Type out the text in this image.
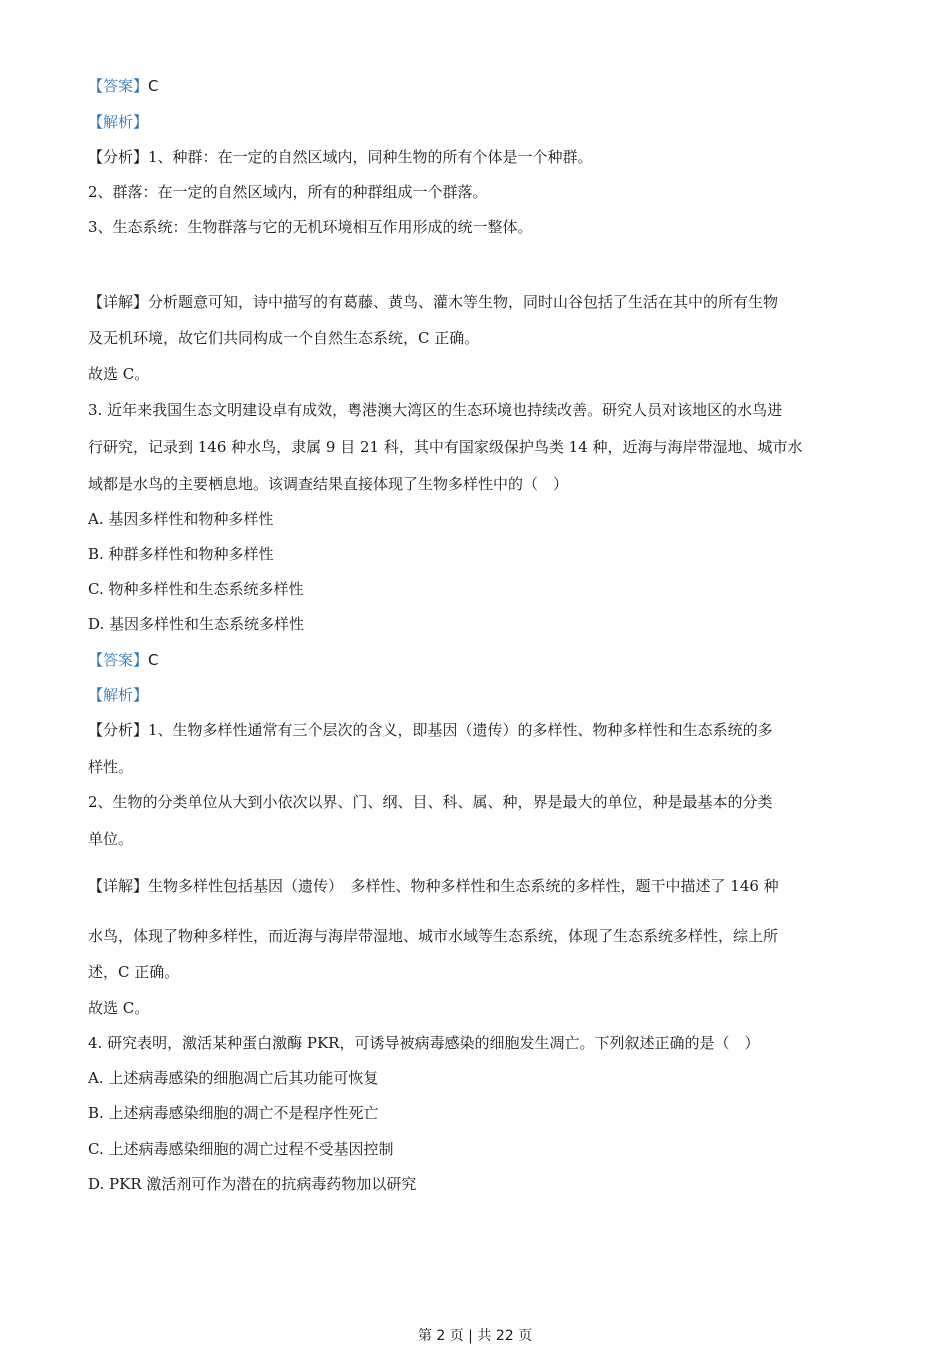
【答案】C
【解析】
【分析】1、种群：在一定的自然区域内，同种生物的所有个体是一个种群。
2、群落：在一定的自然区域内，所有的种群组成一个群落。
3、生态系统：生物群落与它的无机环境相互作用形成的统一整体。
【详解】分析题意可知，诗中描写的有葛藤、黄鸟、灌木等生物，同时山谷包括了生活在其中的所有生物
及无机环境，故它们共同构成一个自然生态系统，C 正确。
故选 C。
3. 近年来我国生态文明建设卓有成效，粤港澳大湾区的生态环境也持续改善。研究人员对该地区的水鸟进
行研究，记录到 146 种水鸟，隶属 9 目 21 科，其中有国家级保护鸟类 14 种，近海与海岸带湿地、城市水
域都是水鸟的主要栖息地。该调查结果直接体现了生物多样性中的（　）
A. 基因多样性和物种多样性
B. 种群多样性和物种多样性
C. 物种多样性和生态系统多样性
D. 基因多样性和生态系统多样性
【答案】C
【解析】
【分析】1、生物多样性通常有三个层次的含义，即基因（遗传）的多样性、物种多样性和生态系统的多
样性。
2、生物的分类单位从大到小依次以界、门、纲、目、科、属、种，界是最大的单位，种是最基本的分类
单位。
【详解】生物多样性包括基因（遗传）　多样性、物种多样性和生态系统的多样性，题干中描述了 146 种
水鸟，体现了物种多样性，而近海与海岸带湿地、城市水域等生态系统，体现了生态系统多样性，综上所
述，C 正确。
故选 C。
4. 研究表明，激活某种蛋白激酶 PKR，可诱导被病毒感染的细胞发生凋亡。下列叙述正确的是（　）
A. 上述病毒感染的细胞凋亡后其功能可恢复
B. 上述病毒感染细胞的凋亡不是程序性死亡
C. 上述病毒感染细胞的凋亡过程不受基因控制
D. PKR 激活剂可作为潜在的抗病毒药物加以研究
第 2 页 | 共 22 页
